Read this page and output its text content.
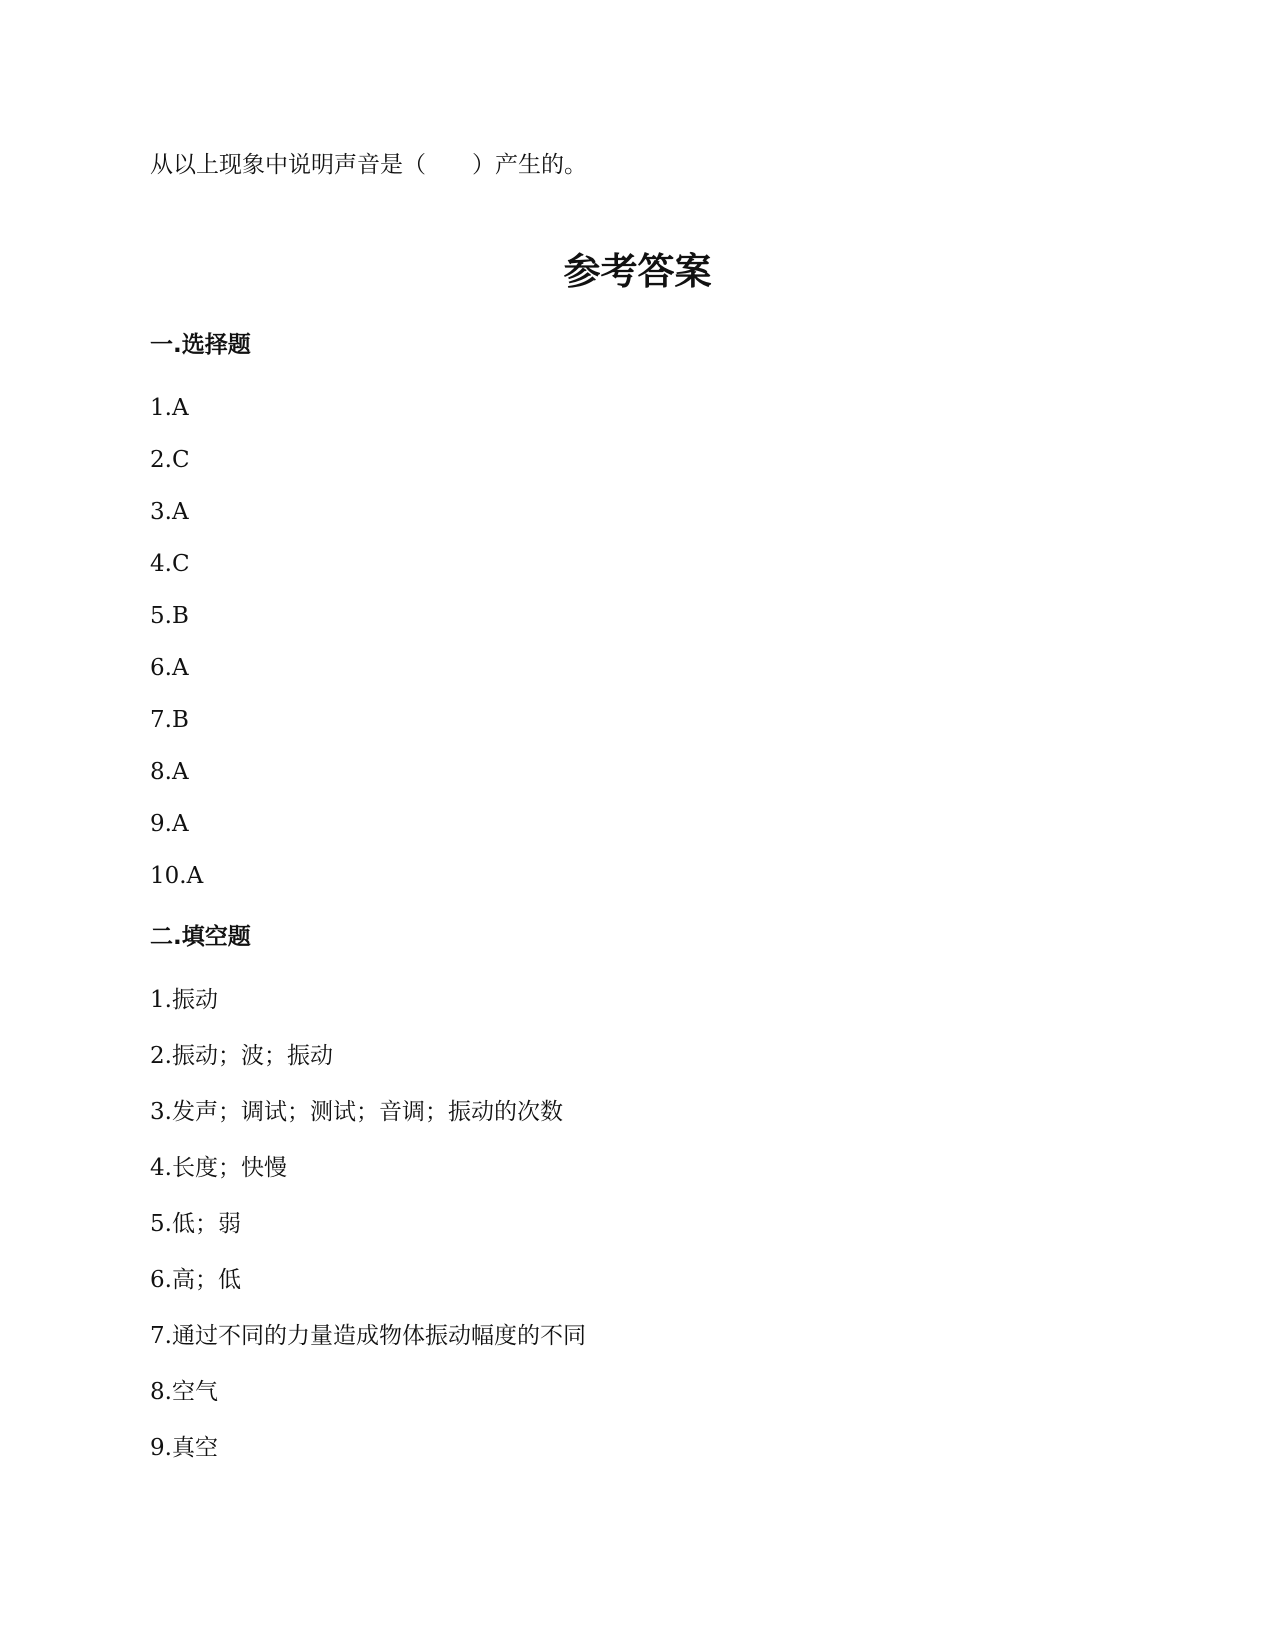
从以上现象中说明声音是（　　）产生的。
参考答案
一.选择题
1.A
2.C
3.A
4.C
5.B
6.A
7.B
8.A
9.A
10.A
二.填空题
1.振动
2.振动；波；振动
3.发声；调试；测试；音调；振动的次数
4.长度；快慢
5.低；弱
6.高；低
7.通过不同的力量造成物体振动幅度的不同
8.空气
9.真空
